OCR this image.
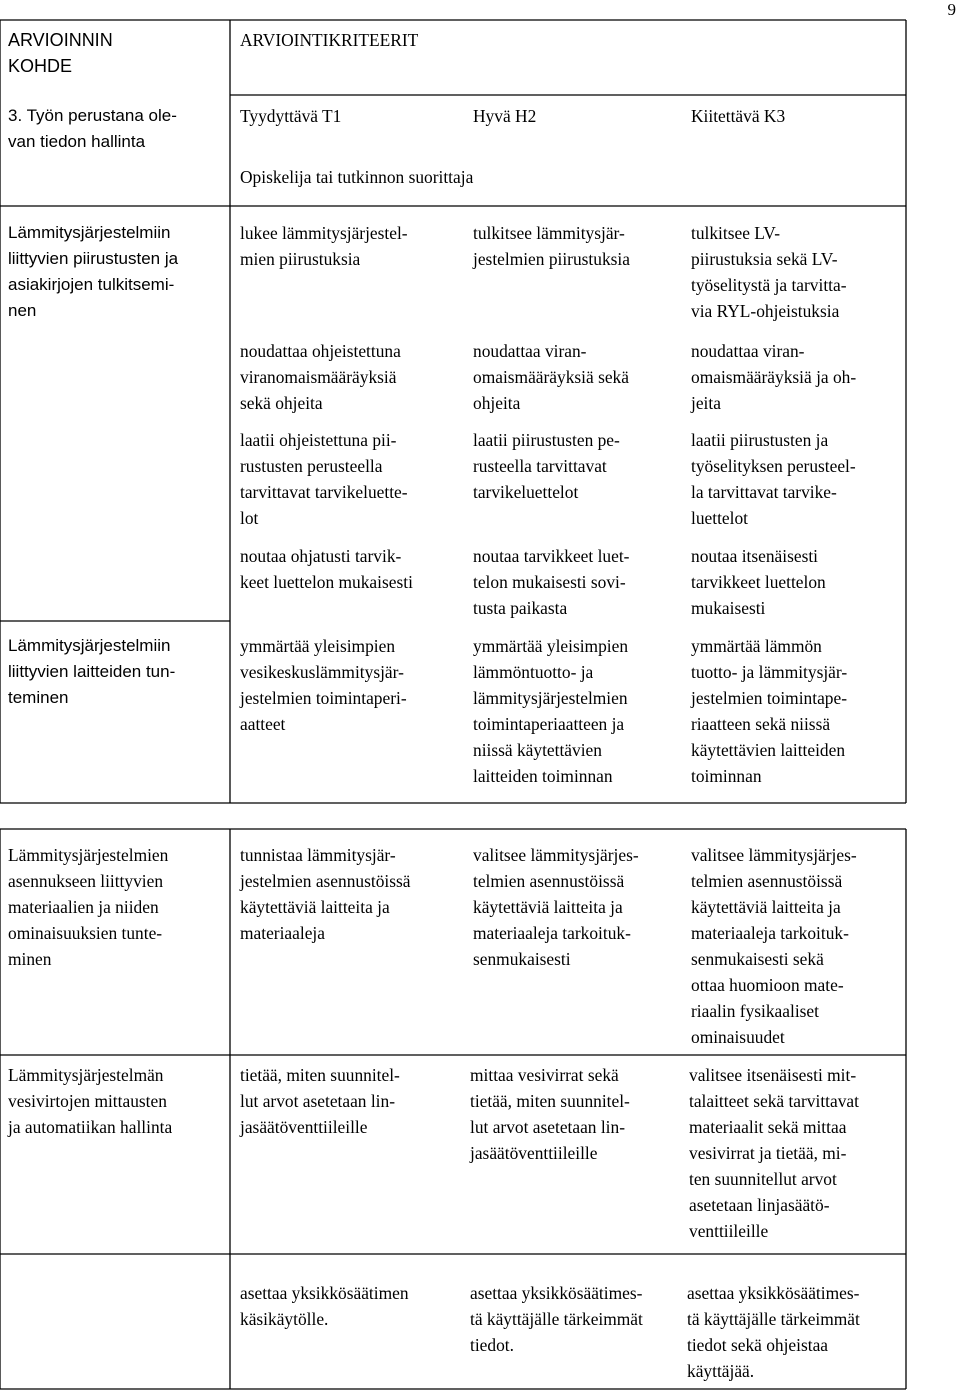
9
ARVIOINNIN
KOHDE
ARVIOINTIKRITEERIT
3. Työn perustana ole-
van tiedon hallinta
Tyydyttävä T1	Hyvä H2	Kiitettävä K3
Opiskelija tai tutkinnon suorittaja
Lämmitysjärjestelmiin
liittyvien piirustusten ja
asiakirjojen tulkitsemi-
nen
lukee lämmitysjärjestel-
mien piirustuksia
tulkitsee lämmitysjär-
jestelmien piirustuksia
tulkitsee LV-
piirustuksia sekä LV-
työselitystä ja tarvitta-
via RYL-ohjeistuksia
noudattaa ohjeistettuna
viranomaismääräyksiä
sekä ohjeita
noudattaa viran-
omaismääräyksiä sekä
ohjeita
noudattaa viran-
omaismääräyksiä ja oh-
jeita
laatii ohjeistettuna pii-
rustusten perusteella
tarvittavat tarvikeluette-
lot
laatii piirustusten pe-
rusteella tarvittavat
tarvikeluettelot
laatii piirustusten ja
työselityksen perusteel-
la tarvittavat tarvike-
luettelot
noutaa ohjatusti tarvik-
keet luettelon mukaisesti
noutaa tarvikkeet luet-
telon mukaisesti sovi-
tusta paikasta
noutaa itsenäisesti
tarvikkeet luettelon
mukaisesti
Lämmitysjärjestelmiin
liittyvien laitteiden tun-
teminen
ymmärtää yleisimpien
vesikeskuslämmitysjär-
jestelmien toimintaperi-
aatteet
ymmärtää yleisimpien
lämmöntuotto- ja
lämmitysjärjestelmien
toimintaperiaatteen ja
niissä käytettävien
laitteiden toiminnan
ymmärtää lämmön
tuotto- ja lämmitysjär-
jestelmien toimintape-
riaatteen sekä niissä
käytettävien laitteiden
toiminnan
Lämmitysjärjestelmien
asennukseen liittyvien
materiaalien ja niiden
ominaisuuksien tunte-
minen
tunnistaa lämmitysjär-
jestelmien asennustöissä
käytettäviä laitteita ja
materiaaleja
valitsee lämmitysjärjes-
telmien asennustöissä
käytettäviä laitteita ja
materiaaleja tarkoituk-
senmukaisesti
valitsee lämmitysjärjes-
telmien asennustöissä
käytettäviä laitteita ja
materiaaleja tarkoituk-
senmukaisesti sekä
ottaa huomioon mate-
riaalin fysikaaliset
ominaisuudet
Lämmitysjärjestelmän
vesivirtojen mittausten
ja automatiikan hallinta
tietää, miten suunnitel-
lut arvot asetetaan lin-
jasäätöventtiileille
mittaa vesivirrat sekä
tietää, miten suunnitel-
lut arvot asetetaan lin-
jasäätöventtiileille
valitsee itsenäisesti mit-
talaitteet sekä tarvittavat
materiaalit sekä mittaa
vesivirrat ja tietää, mi-
ten suunnitellut arvot
asetetaan linjasäätö-
venttiileille
asettaa yksikkösäätimen
käsikäytölle.
asettaa yksikkösäätimes-
tä käyttäjälle tärkeimmät
tiedot.
asettaa yksikkösäätimes-
tä käyttäjälle tärkeimmät
tiedot sekä ohjeistaa
käyttäjää.
